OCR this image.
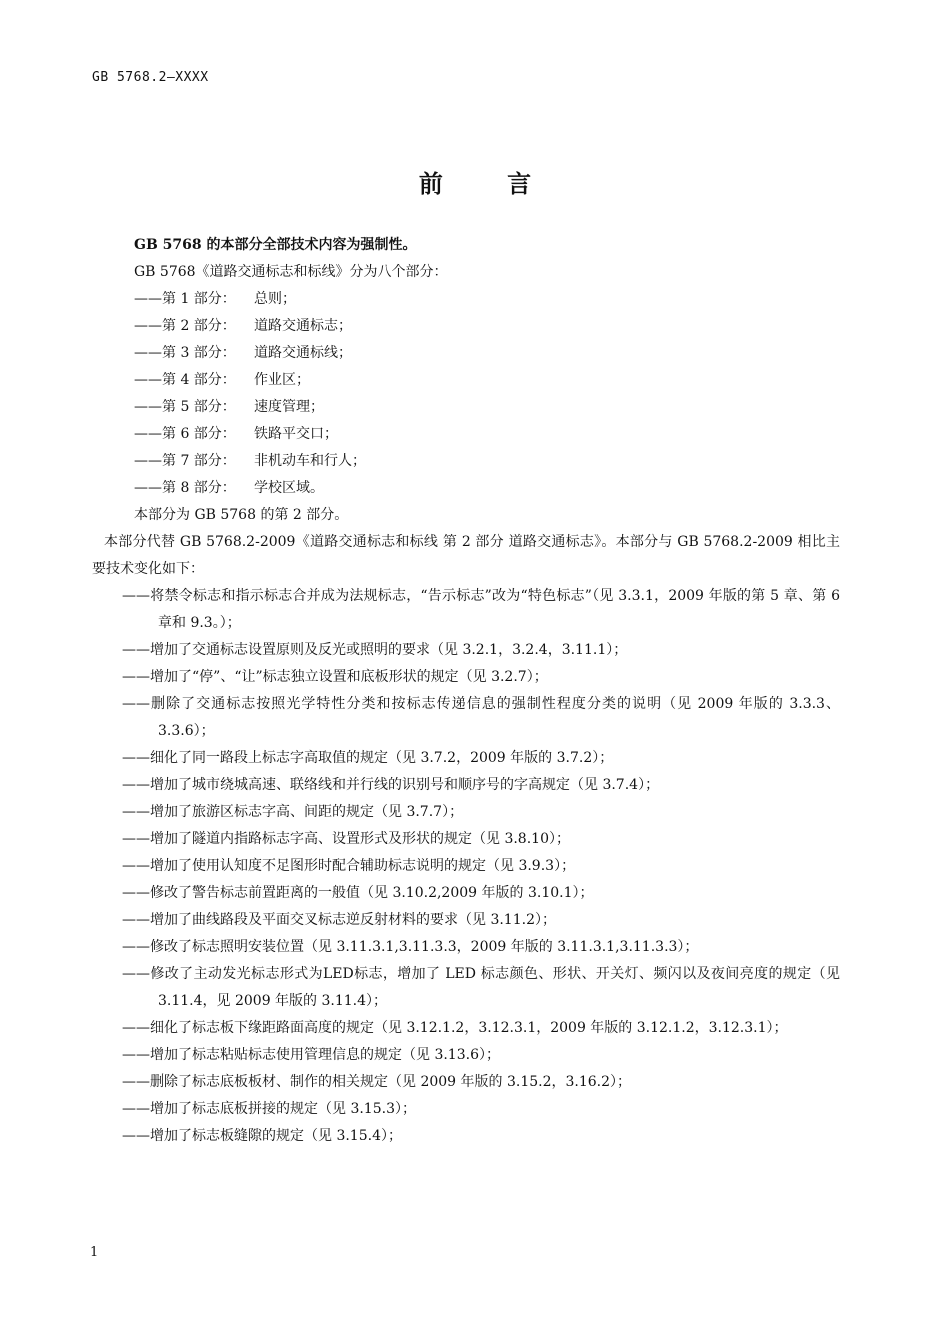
GB 5768.2—XXXX
前 言
GB 5768 的本部分全部技术内容为强制性。
GB 5768《道路交通标志和标线》分为八个部分：
——第 1 部分： 总则；
——第 2 部分： 道路交通标志；
——第 3 部分： 道路交通标线；
——第 4 部分： 作业区；
——第 5 部分： 速度管理；
——第 6 部分： 铁路平交口；
——第 7 部分： 非机动车和行人；
——第 8 部分： 学校区域。
本部分为 GB 5768 的第 2 部分。
本部分代替 GB 5768.2-2009《道路交通标志和标线 第 2 部分 道路交通标志》。本部分与 GB 5768.2-2009 相比主要技术变化如下：
——将禁令标志和指示标志合并成为法规标志，“告示标志”改为“特色标志”（见 3.3.1，2009 年版的第 5 章、第 6 章和 9.3。）；
——增加了交通标志设置原则及反光或照明的要求（见 3.2.1，3.2.4，3.11.1）；
——增加了“停”、“让”标志独立设置和底板形状的规定（见 3.2.7）；
——删除了交通标志按照光学特性分类和按标志传递信息的强制性程度分类的说明（见 2009 年版的 3.3.3、3.3.6）；
——细化了同一路段上标志字高取值的规定（见 3.7.2，2009 年版的 3.7.2）；
——增加了城市绕城高速、联络线和并行线的识别号和顺序号的字高规定（见 3.7.4）；
——增加了旅游区标志字高、间距的规定（见 3.7.7）；
——增加了隧道内指路标志字高、设置形式及形状的规定（见 3.8.10）；
——增加了使用认知度不足图形时配合辅助标志说明的规定（见 3.9.3）；
——修改了警告标志前置距离的一般值（见 3.10.2,2009 年版的 3.10.1）；
——增加了曲线路段及平面交叉标志逆反射材料的要求（见 3.11.2）；
——修改了标志照明安装位置（见 3.11.3.1,3.11.3.3，2009 年版的 3.11.3.1,3.11.3.3）；
——修改了主动发光标志形式为LED标志，增加了 LED 标志颜色、形状、开关灯、频闪以及夜间亮度的规定（见 3.11.4，见 2009 年版的 3.11.4）；
——细化了标志板下缘距路面高度的规定（见 3.12.1.2，3.12.3.1，2009 年版的 3.12.1.2，3.12.3.1）；
——增加了标志粘贴标志使用管理信息的规定（见 3.13.6）；
——删除了标志底板板材、制作的相关规定（见 2009 年版的 3.15.2，3.16.2）；
——增加了标志底板拼接的规定（见 3.15.3）；
——增加了标志板缝隙的规定（见 3.15.4）；
1
